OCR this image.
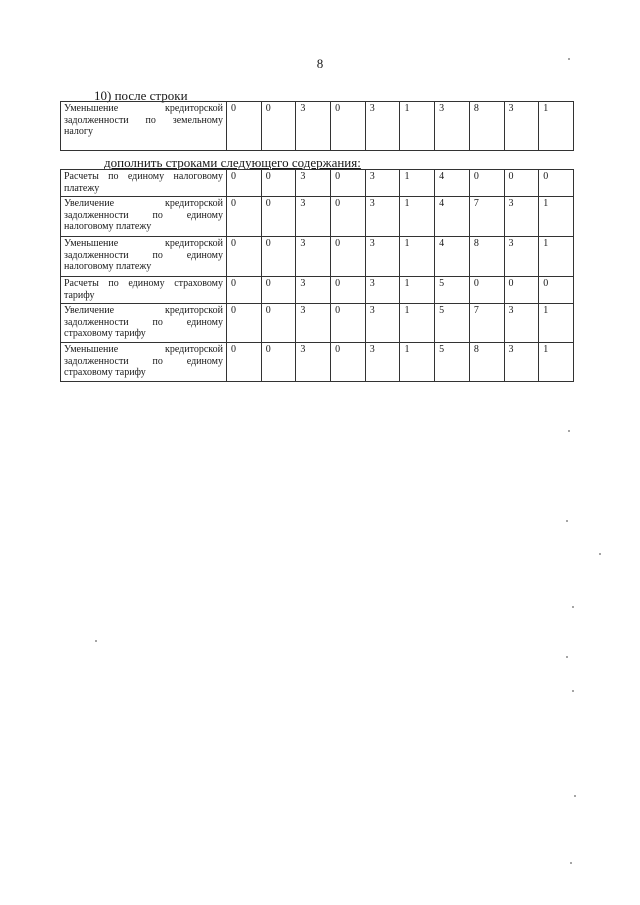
8
10) после строки
Уменьшение кредиторской задолженности по земельному налогу	0	0	3	0	3	1	3	8	3	1
дополнить строками следующего содержания:
Расчеты по единому налоговому платежу	0	0	3	0	3	1	4	0	0	0
Увеличение кредиторской задолженности по единому налоговому платежу	0	0	3	0	3	1	4	7	3	1
Уменьшение кредиторской задолженности по единому налоговому платежу	0	0	3	0	3	1	4	8	3	1
Расчеты по единому страховому тарифу	0	0	3	0	3	1	5	0	0	0
Увеличение кредиторской задолженности по единому страховому тарифу	0	0	3	0	3	1	5	7	3	1
Уменьшение кредиторской задолженности по единому страховому тарифу	0	0	3	0	3	1	5	8	3	1
